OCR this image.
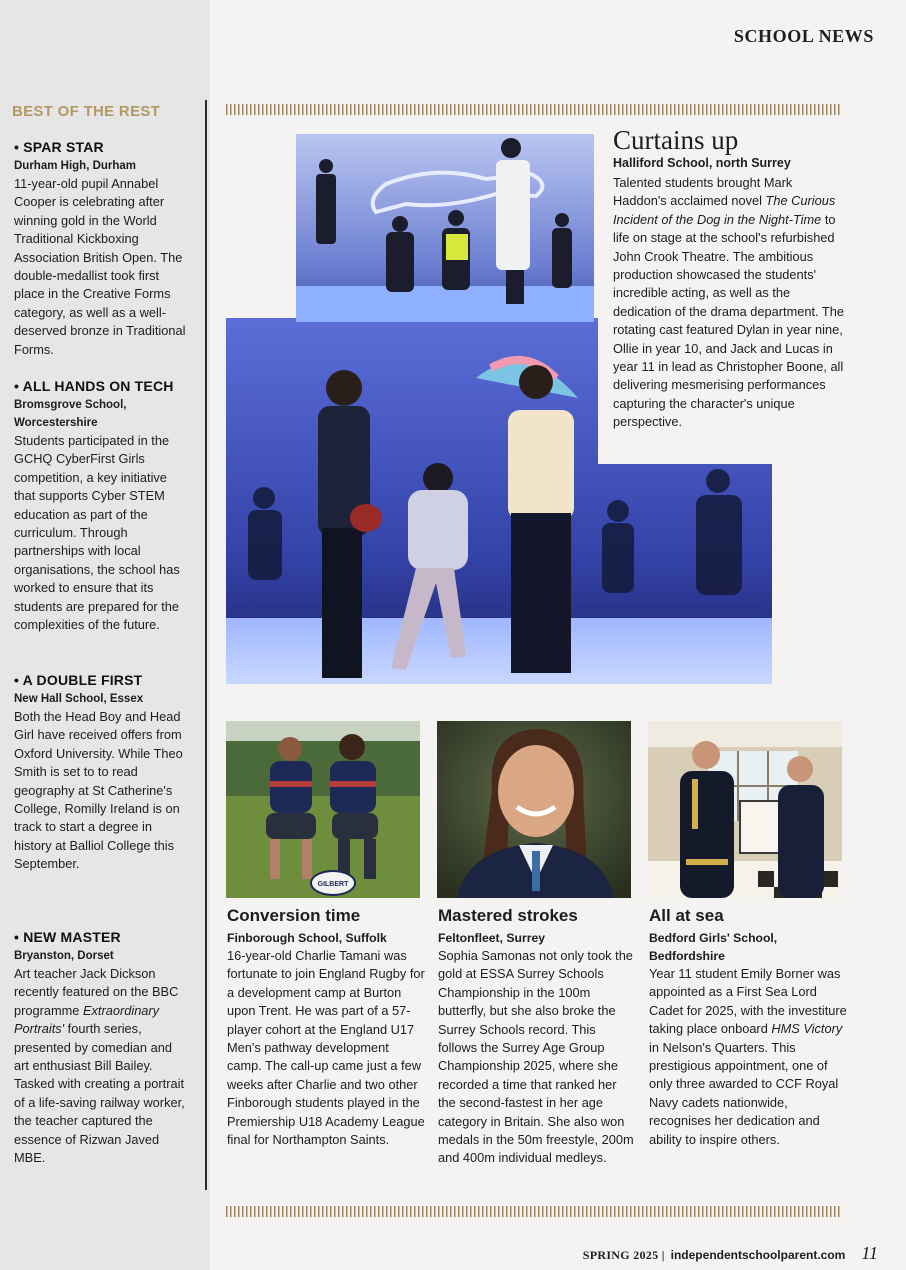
BEST OF THE REST
• SPAR STAR
Durham High, Durham
11-year-old pupil Annabel Cooper is celebrating after winning gold in the World Traditional Kickboxing Association British Open. The double-medallist took first place in the Creative Forms category, as well as a well-deserved bronze in Traditional Forms.
• ALL HANDS ON TECH
Bromsgrove School, Worcestershire
Students participated in the GCHQ CyberFirst Girls competition, a key initiative that supports Cyber STEM education as part of the curriculum. Through partnerships with local organisations, the school has worked to ensure that its students are prepared for the complexities of the future.
• A DOUBLE FIRST
New Hall School, Essex
Both the Head Boy and Head Girl have received offers from Oxford University. While Theo Smith is set to to read geography at St Catherine's College, Romilly Ireland is on track to start a degree in history at Balliol College this September.
• NEW MASTER
Bryanston, Dorset
Art teacher Jack Dickson recently featured on the BBC programme Extraordinary Portraits' fourth series, presented by comedian and art enthusiast Bill Bailey. Tasked with creating a portrait of a life-saving railway worker, the teacher captured the essence of Rizwan Javed MBE.
SCHOOL NEWS
Curtains up
Halliford School, north Surrey
Talented students brought Mark Haddon's acclaimed novel The Curious Incident of the Dog in the Night-Time to life on stage at the school's refurbished John Crook Theatre. The ambitious production showcased the students' incredible acting, as well as the dedication of the drama department. The rotating cast featured Dylan in year nine, Ollie in year 10, and Jack and Lucas in year 11 in lead as Christopher Boone, all delivering mesmerising performances capturing the character's unique perspective.
GILBERT
Conversion time
Finborough School, Suffolk
16-year-old Charlie Tamani was fortunate to join England Rugby for a development camp at Burton upon Trent. He was part of a 57-player cohort at the England U17 Men's pathway development camp. The call-up came just a few weeks after Charlie and two other Finborough students played in the Premiership U18 Academy League final for Northampton Saints.
Mastered strokes
Feltonfleet, Surrey
Sophia Samonas not only took the gold at ESSA Surrey Schools Championship in the 100m butterfly, but she also broke the Surrey Schools record. This follows the Surrey Age Group Championship 2025, where she recorded a time that ranked her the second-fastest in her age category in Britain. She also won medals in the 50m freestyle, 200m and 400m individual medleys.
All at sea
Bedford Girls' School, Bedfordshire
Year 11 student Emily Borner was appointed as a First Sea Lord Cadet for 2025, with the investiture taking place onboard HMS Victory in Nelson's Quarters. This prestigious appointment, one of only three awarded to CCF Royal Navy cadets nationwide, recognises her dedication and ability to inspire others.
SPRING 2025 | independentschoolparent.com 11
